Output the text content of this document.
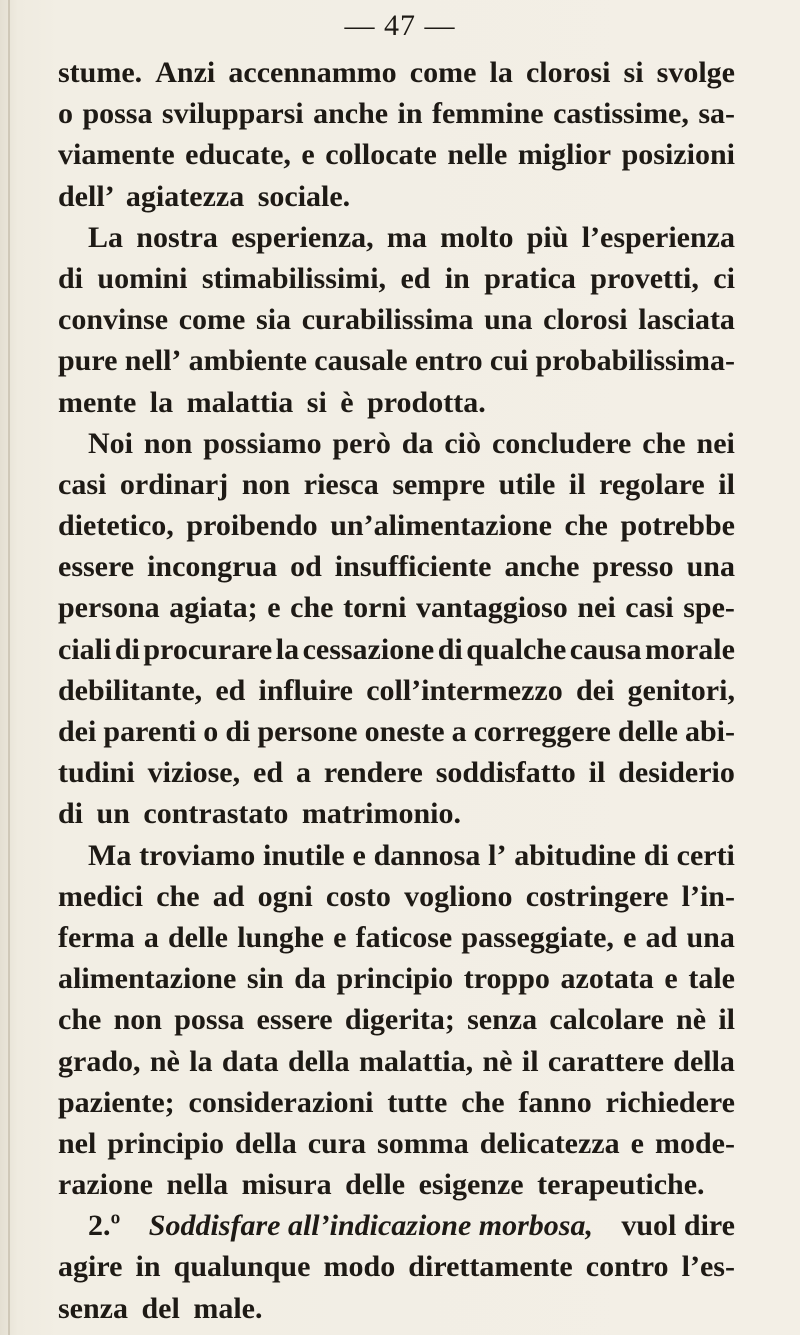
— 47 —
stume. Anzi accennammo come la clorosi si svolge
o possa svilupparsi anche in femmine castissime, sa-
viamente educate, e collocate nelle miglior posizioni
dell’ agiatezza sociale.
La nostra esperienza, ma molto più l’esperienza
di uomini stimabilissimi, ed in pratica provetti, ci
convinse come sia curabilissima una clorosi lasciata
pure nell’ ambiente causale entro cui probabilissima-
mente la malattia si è prodotta.
Noi non possiamo però da ciò concludere che nei
casi ordinarj non riesca sempre utile il regolare il
dietetico, proibendo un’alimentazione che potrebbe
essere incongrua od insufficiente anche presso una
persona agiata; e che torni vantaggioso nei casi spe-
ciali di procurare la cessazione di qualche causa morale
debilitante, ed influire coll’intermezzo dei genitori,
dei parenti o di persone oneste a correggere delle abi-
tudini viziose, ed a rendere soddisfatto il desiderio
di un contrastato matrimonio.
Ma troviamo inutile e dannosa l’ abitudine di certi
medici che ad ogni costo vogliono costringere l’in-
ferma a delle lunghe e faticose passeggiate, e ad una
alimentazione sin da principio troppo azotata e tale
che non possa essere digerita; senza calcolare nè il
grado, nè la data della malattia, nè il carattere della
paziente; considerazioni tutte che fanno richiedere
nel principio della cura somma delicatezza e mode-
razione nella misura delle esigenze terapeutiche.
2.º Soddisfare all’indicazione morbosa, vuol dire
agire in qualunque modo direttamente contro l’es-
senza del male.
